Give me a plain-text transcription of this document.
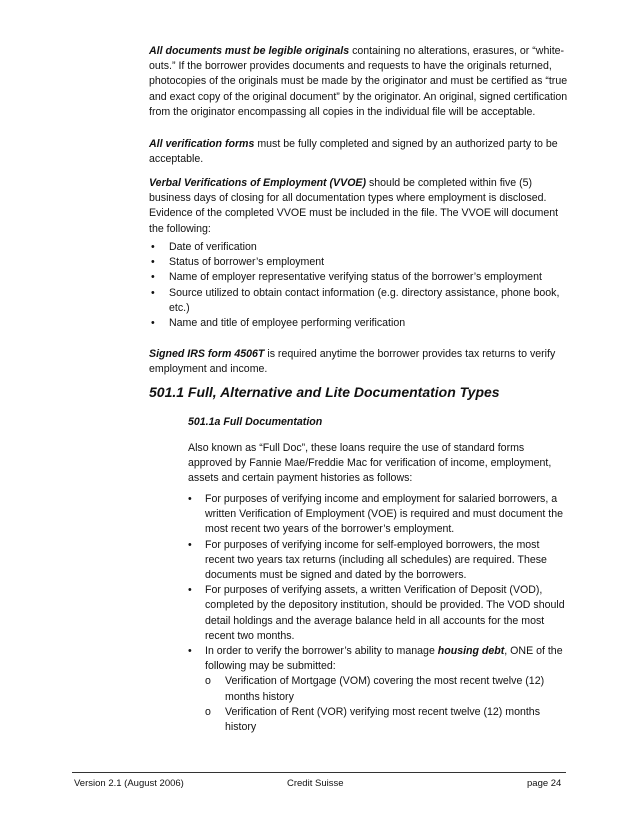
All documents must be legible originals containing no alterations, erasures, or “white-outs.” If the borrower provides documents and requests to have the originals returned, photocopies of the originals must be made by the originator and must be certified as “true and exact copy of the original document” by the originator. An original, signed certification from the originator encompassing all copies in the individual file will be acceptable.

All verification forms must be fully completed and signed by an authorized party to be acceptable.

Verbal Verifications of Employment (VVOE) should be completed within five (5) business days of closing for all documentation types where employment is disclosed. Evidence of the completed VVOE must be included in the file. The VVOE will document the following:

• Date of verification
• Status of borrower’s employment
• Name of employer representative verifying status of the borrower’s employment
• Source utilized to obtain contact information (e.g. directory assistance, phone book, etc.)
• Name and title of employee performing verification

Signed IRS form 4506T is required anytime the borrower provides tax returns to verify employment and income.

501.1 Full, Alternative and Lite Documentation Types

501.1a Full Documentation

Also known as “Full Doc”, these loans require the use of standard forms approved by Fannie Mae/Freddie Mac for verification of income, employment, assets and certain payment histories as follows:

• For purposes of verifying income and employment for salaried borrowers, a written Verification of Employment (VOE) is required and must document the most recent two years of the borrower’s employment.
• For purposes of verifying income for self-employed borrowers, the most recent two years tax returns (including all schedules) are required. These documents must be signed and dated by the borrowers.
• For purposes of verifying assets, a written Verification of Deposit (VOD), completed by the depository institution, should be provided. The VOD should detail holdings and the average balance held in all accounts for the most recent two months.
• In order to verify the borrower’s ability to manage housing debt, ONE of the following may be submitted:
o Verification of Mortgage (VOM) covering the most recent twelve (12) months history
o Verification of Rent (VOR) verifying most recent twelve (12) months history
Version 2.1 (August 2006)	Credit Suisse	page 24
